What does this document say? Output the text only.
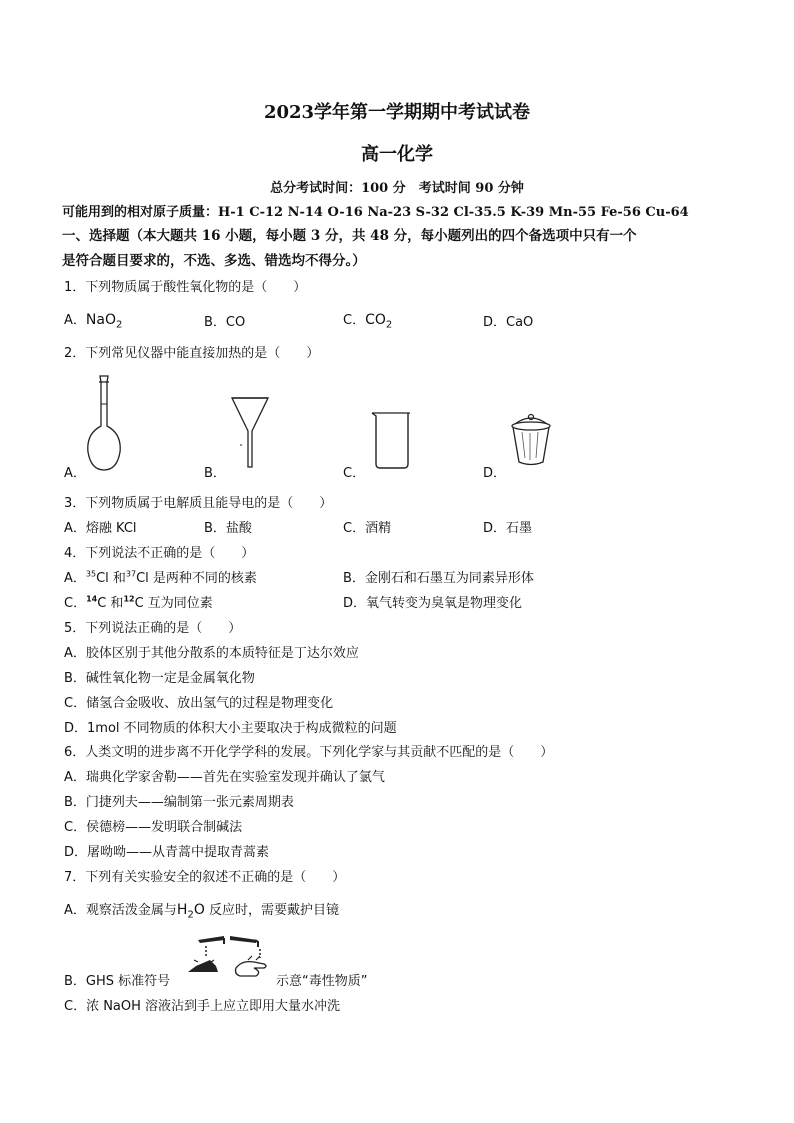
2023学年第一学期期中考试试卷
高一化学
总分考试时间：100 分　考试时间 90 分钟
可能用到的相对原子质量：H-1 C-12 N-14 O-16 Na-23 S-32 Cl-35.5 K-39 Mn-55 Fe-56 Cu-64
一、选择题（本大题共 16 小题，每小题 3 分，共 48 分，每小题列出的四个备选项中只有一个
是符合题目要求的，不选、多选、错选均不得分。）
1．下列物质属于酸性氧化物的是（　　）
A．NaO$_2$	B．CO	C．$CO_2$	D．CaO
2．下列常见仪器中能直接加热的是（　　）
A．	B．	C．	D．
3．下列物质属于电解质且能导电的是（　　）
A．熔融 KCl	B．盐酸	C．酒精	D．石墨
4．下列说法不正确的是（　　）
A．$^{35}$Cl 和$^{37}$Cl 是两种不同的核素	B．金刚石和石墨互为同素异形体
C．$^{14}$C 和$^{12}$C 互为同位素	D．氧气转变为臭氧是物理变化
5．下列说法正确的是（　　）
A．胶体区别于其他分散系的本质特征是丁达尔效应
B．碱性氧化物一定是金属氧化物
C．储氢合金吸收、放出氢气的过程是物理变化
D．1mol 不同物质的体积大小主要取决于构成微粒的问题
6．人类文明的进步离不开化学学科的发展。下列化学家与其贡献不匹配的是（　　）
A．瑞典化学家舍勒——首先在实验室发现并确认了氯气
B．门捷列夫——编制第一张元素周期表
C．侯德榜——发明联合制碱法
D．屠呦呦——从青蒿中提取青蒿素
7．下列有关实验安全的叙述不正确的是（　　）
A．观察活泼金属与$H_2O$ 反应时，需要戴护目镜
B．GHS 标准符号	示意“毒性物质”
C．浓 NaOH 溶液沾到手上应立即用大量水冲洗
